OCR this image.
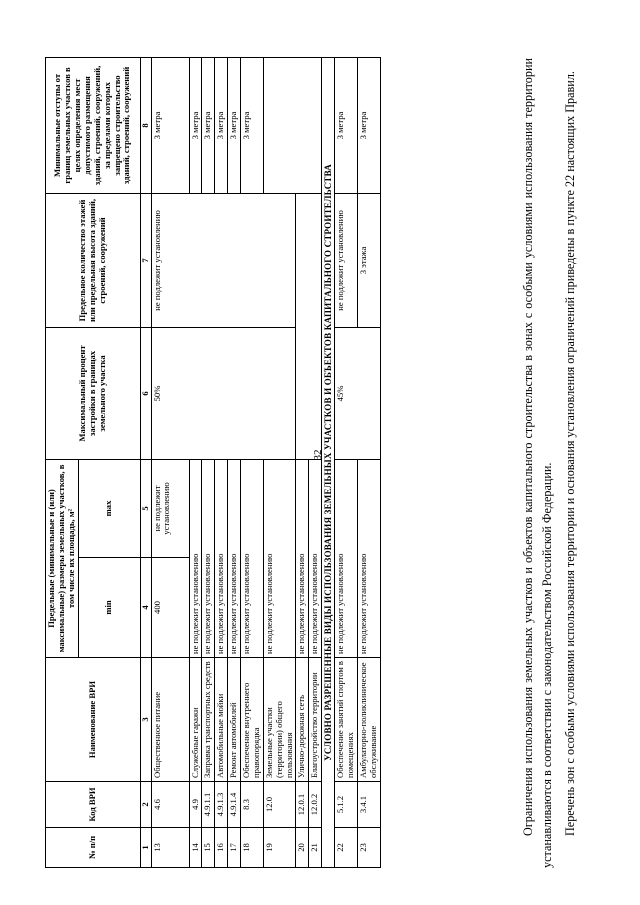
32
№ п/п	Код ВРИ	Наименование ВРИ	Предельные (минимальные и (или) максимальные) размеры земельных участков, в том числе их площадь, м²		Максимальный процент застройки в границах земельного участка	Предельное количество этажей или предельная высота зданий, строений, сооружений	Минимальные отступы от границ земельных участков в целях определения мест допустимого размещения зданий, строений, сооружений, за пределами которых запрещено строительство зданий, строений, сооружений
			min	max			
1	2	3	4	5	6	7	8
13	4.6	Общественное питание	400	не подлежит установлению	50%	не подлежит установлению	3 метра
14	4.9	Служебные гаражи	не подлежит установлению				3 метра
15	4.9.1.1	Заправка транспортных средств	не подлежит установлению				3 метра
16	4.9.1.3	Автомобильные мойки	не подлежит установлению				3 метра
17	4.9.1.4	Ремонт автомобилей	не подлежит установлению				3 метра
18	8.3	Обеспечение внутреннего правопорядка	не подлежит установлению				3 метра
19	12.0	Земельные участки (территории) общего пользования	не подлежит установлению				
20	12.0.1	Улично-дорожная сеть	не подлежит установлению				
21	12.0.2	Благоустройство территории	не подлежит установлению				
УСЛОВНО РАЗРЕШЕННЫЕ ВИДЫ ИСПОЛЬЗОВАНИЯ ЗЕМЕЛЬНЫХ УЧАСТКОВ И ОБЪЕКТОВ КАПИТАЛЬНОГО СТРОИТЕЛЬСТВА							
22	5.1.2	Обеспечение занятий спортом в помещениях	не подлежит установлению		45%	не подлежит установлению	3 метра
23	3.4.1	Амбулаторно-поликлиническое обслуживание	не подлежит установлению			3 этажа	3 метра	Ограничения использования земельных участков и объектов капитального строительства в зонах с особыми условиями использования территории устанавливаются в соответствии с законодательством Российской Федерации. Перечень зон с особыми условиями использования территории и основания установления ограничений приведены в пункте 22 настоящих Правил.
